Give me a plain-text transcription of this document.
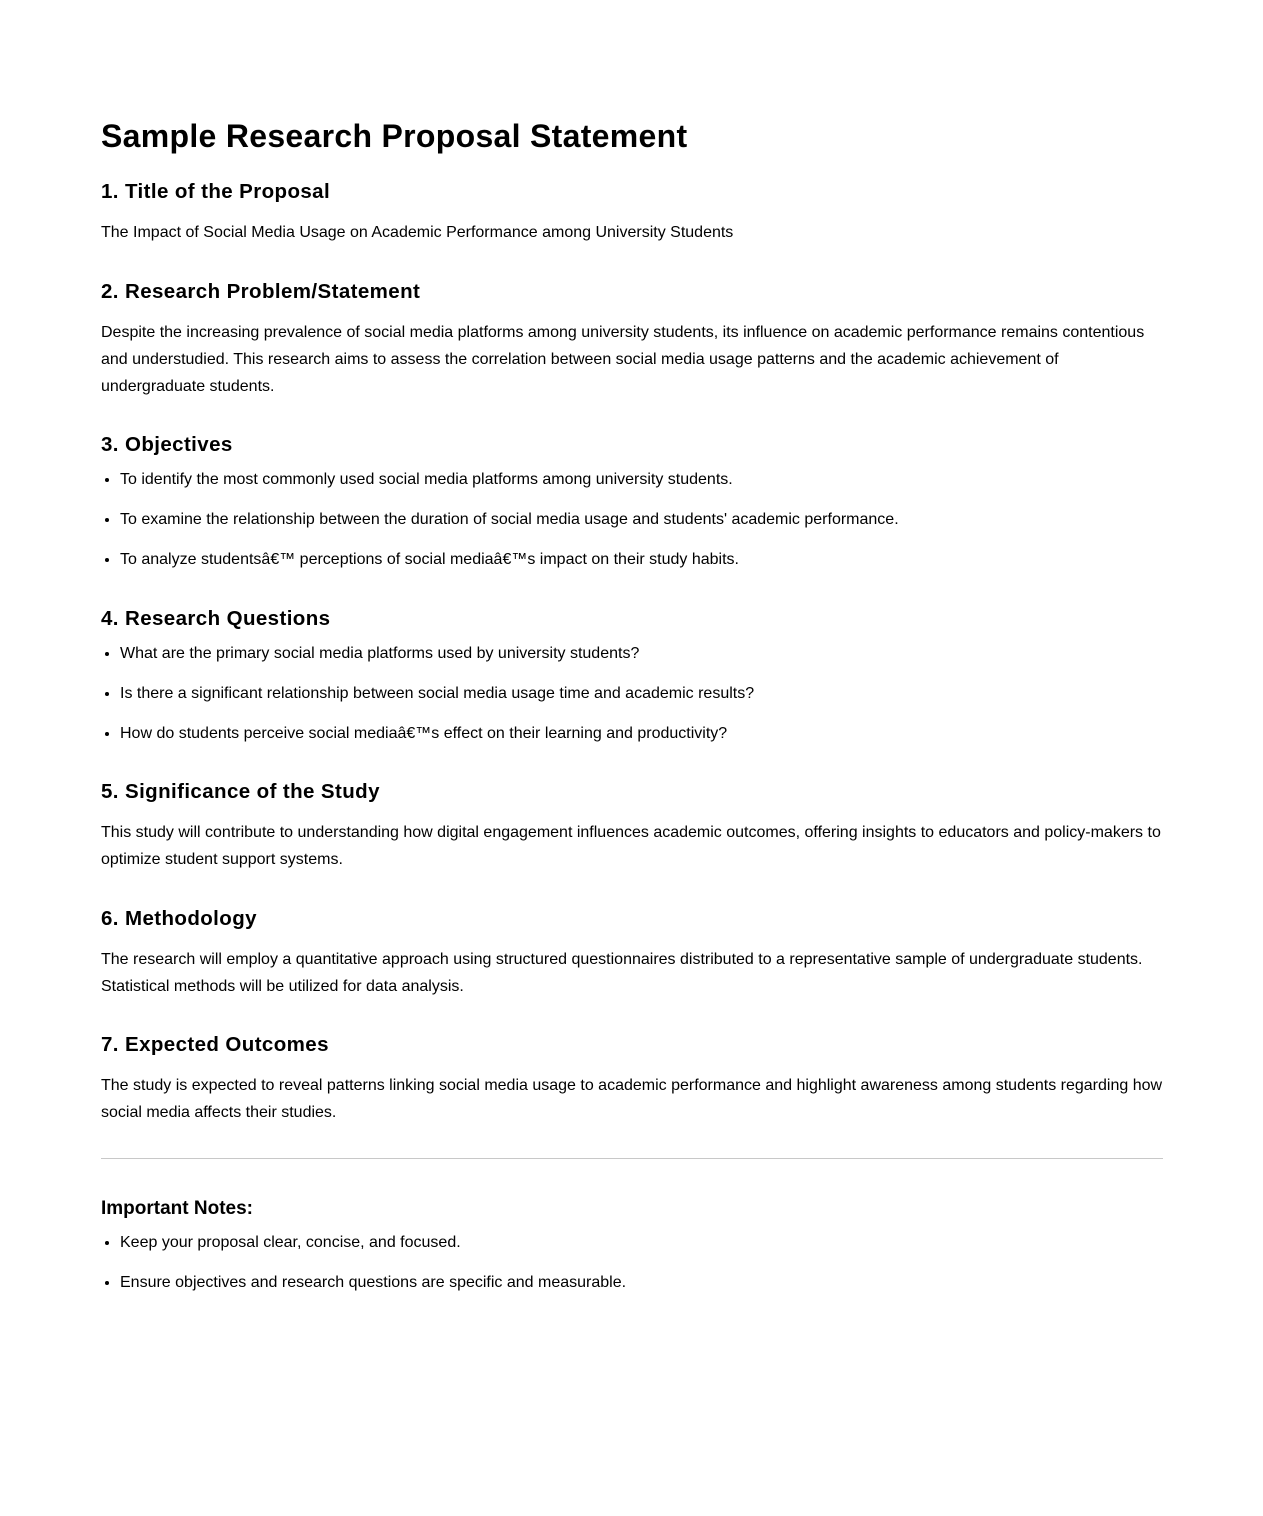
Sample Research Proposal Statement
1. Title of the Proposal

The Impact of Social Media Usage on Academic Performance among University Students

2. Research Problem/Statement

Despite the increasing prevalence of social media platforms among university students, its influence on academic performance remains contentious and understudied. This research aims to assess the correlation between social media usage patterns and the academic achievement of undergraduate students.

3. Objectives
• To identify the most commonly used social media platforms among university students.
• To examine the relationship between the duration of social media usage and students' academic performance.
• To analyze studentsâ€™ perceptions of social mediaâ€™s impact on their study habits.
4. Research Questions
• What are the primary social media platforms used by university students?
• Is there a significant relationship between social media usage time and academic results?
• How do students perceive social mediaâ€™s effect on their learning and productivity?
5. Significance of the Study

This study will contribute to understanding how digital engagement influences academic outcomes, offering insights to educators and policy-makers to optimize student support systems.

6. Methodology

The research will employ a quantitative approach using structured questionnaires distributed to a representative sample of undergraduate students. Statistical methods will be utilized for data analysis.

7. Expected Outcomes

The study is expected to reveal patterns linking social media usage to academic performance and highlight awareness among students regarding how social media affects their studies.

Important Notes:
• Keep your proposal clear, concise, and focused.
• Ensure objectives and research questions are specific and measurable.
